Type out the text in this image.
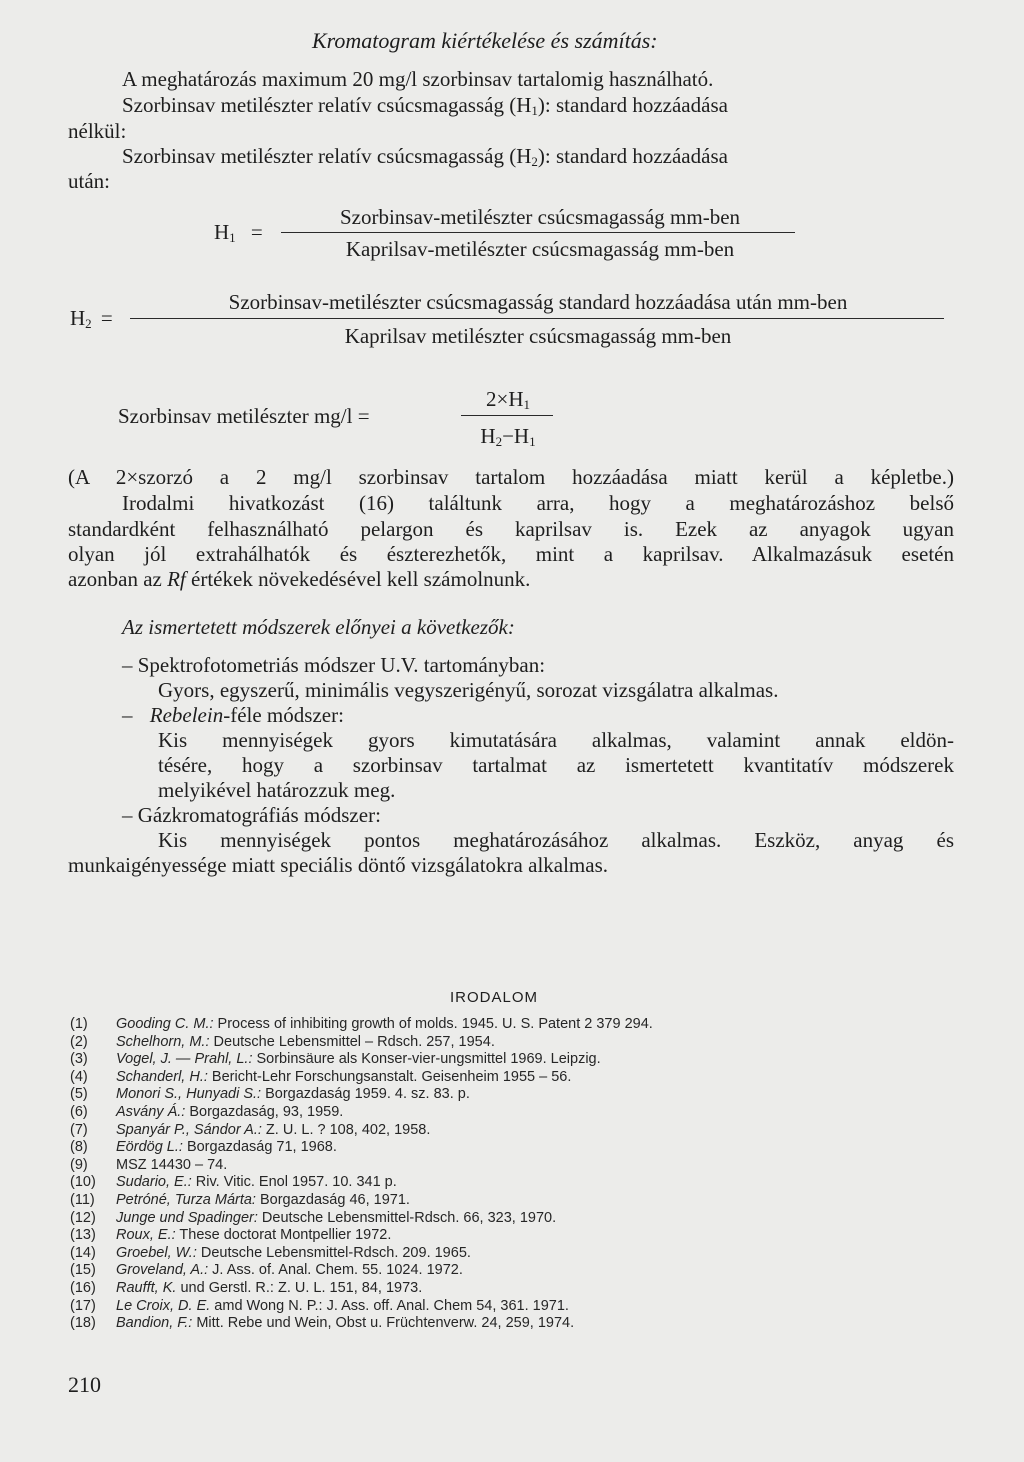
Kromatogram kiértékelése és számítás:
A meghatározás maximum 20 mg/l szorbinsav tartalomig használható.
Szorbinsav metilészter relatív csúcsmagasság $(H_1)$: standard hozzáadása
nélkül:
Szorbinsav metilészter relatív csúcsmagasság $(H_2)$: standard hozzáadása
után:
$H_1$ =
Szorbinsav-metilészter csúcsmagasság mm-ben
Kaprilsav-metilészter csúcsmagasság mm-ben
$H_2$ =
Szorbinsav-metilészter csúcsmagasság standard hozzáadása után mm-ben
Kaprilsav metilészter csúcsmagasság mm-ben
Szorbinsav metilészter mg/l =
$2\times H_1$
$H_2-H_1$
(A 2×szorzó a 2 mg/l szorbinsav tartalom hozzáadása miatt kerül a képletbe.)
Irodalmi hivatkozást (16) találtunk arra, hogy a meghatározáshoz belső
standardként felhasználható pelargon és kaprilsav is. Ezek az anyagok ugyan
olyan jól extrahálhatók és észterezhetők, mint a kaprilsav. Alkalmazásuk esetén
azonban az Rf értékek növekedésével kell számolnunk.
Az ismertetett módszerek előnyei a következők:
– Spektrofotometriás módszer U.V. tartományban:
Gyors, egyszerű, minimális vegyszerigényű, sorozat vizsgálatra alkalmas.
– Rebelein-féle módszer:
Kis mennyiségek gyors kimutatására alkalmas, valamint annak eldön-
tésére, hogy a szorbinsav tartalmat az ismertetett kvantitatív módszerek
melyikével határozzuk meg.
– Gázkromatográfiás módszer:
Kis mennyiségek pontos meghatározásához alkalmas. Eszköz, anyag és
munkaigényessége miatt speciális döntő vizsgálatokra alkalmas.
IRODALOM
(1) Gooding C. M.: Process of inhibiting growth of molds. 1945. U. S. Patent 2 379 294.
(2) Schelhorn, M.: Deutsche Lebensmittel – Rdsch. 257, 1954.
(3) Vogel, J. — Prahl, L.: Sorbinsäure als Konser-vier-ungsmittel 1969. Leipzig.
(4) Schanderl, H.: Bericht-Lehr Forschungsanstalt. Geisenheim 1955 – 56.
(5) Monori S., Hunyadi S.: Borgazdaság 1959. 4. sz. 83. p.
(6) Asvány Á.: Borgazdaság, 93, 1959.
(7) Spanyár P., Sándor A.: Z. U. L. ? 108, 402, 1958.
(8) Eördög L.: Borgazdaság 71, 1968.
(9) MSZ 14430 – 74.
(10) Sudario, E.: Riv. Vitic. Enol 1957. 10. 341 p.
(11) Petróné, Turza Márta: Borgazdaság 46, 1971.
(12) Junge und Spadinger: Deutsche Lebensmittel-Rdsch. 66, 323, 1970.
(13) Roux, E.: These doctorat Montpellier 1972.
(14) Groebel, W.: Deutsche Lebensmittel-Rdsch. 209. 1965.
(15) Groveland, A.: J. Ass. of. Anal. Chem. 55. 1024. 1972.
(16) Raufft, K. und Gerstl. R.: Z. U. L. 151, 84, 1973.
(17) Le Croix, D. E. amd Wong N. P.: J. Ass. off. Anal. Chem 54, 361. 1971.
(18) Bandion, F.: Mitt. Rebe und Wein, Obst u. Früchtenverw. 24, 259, 1974.
210
